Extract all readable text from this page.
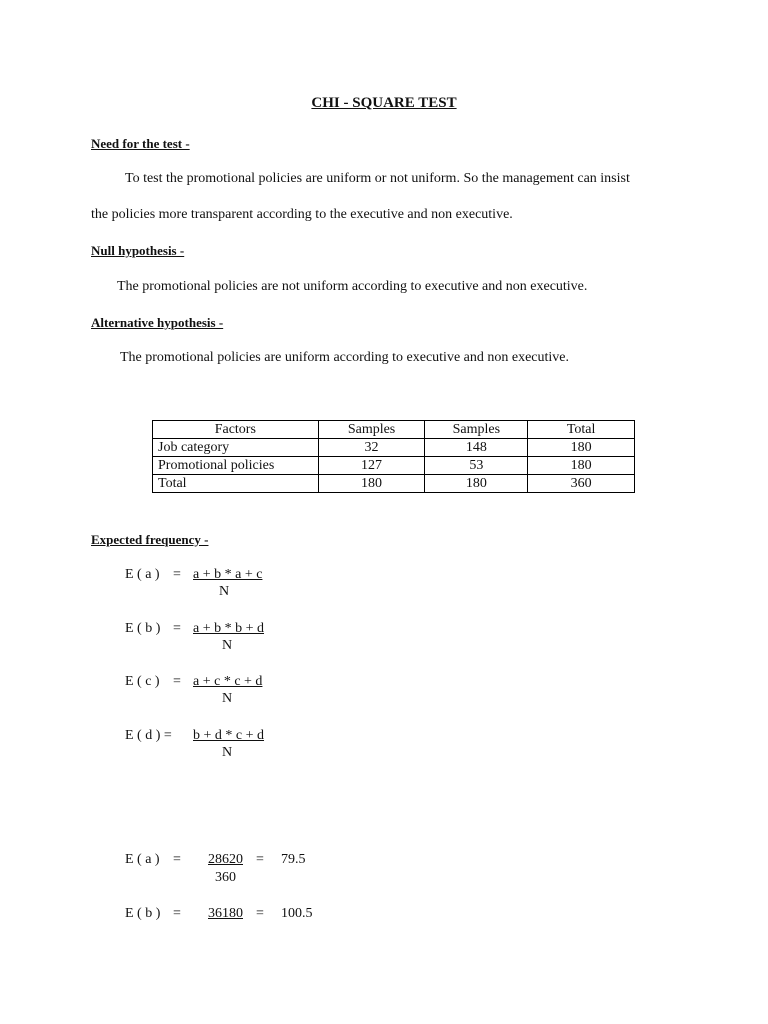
CHI - SQUARE TEST
Need for the test -
To test the promotional policies are uniform or not uniform. So the management can insist
the policies more transparent according to the executive and non executive.
Null hypothesis -
The promotional policies are not uniform according to executive and non executive.
Alternative hypothesis -
The promotional policies are uniform according to executive and non executive.
Factors	Samples	Samples	Total
Job category	32	148	180
Promotional policies	127	53	180
Total	180	180	360
Expected frequency -
E ( a ) = a + b * a + c
N
E ( b ) = a + b * b + d
N
E ( c ) = a + c * c + d
N
E ( d ) = b + d * c + d
N
E ( a ) = 28620 = 79.5
360
E ( b ) = 36180 = 100.5
